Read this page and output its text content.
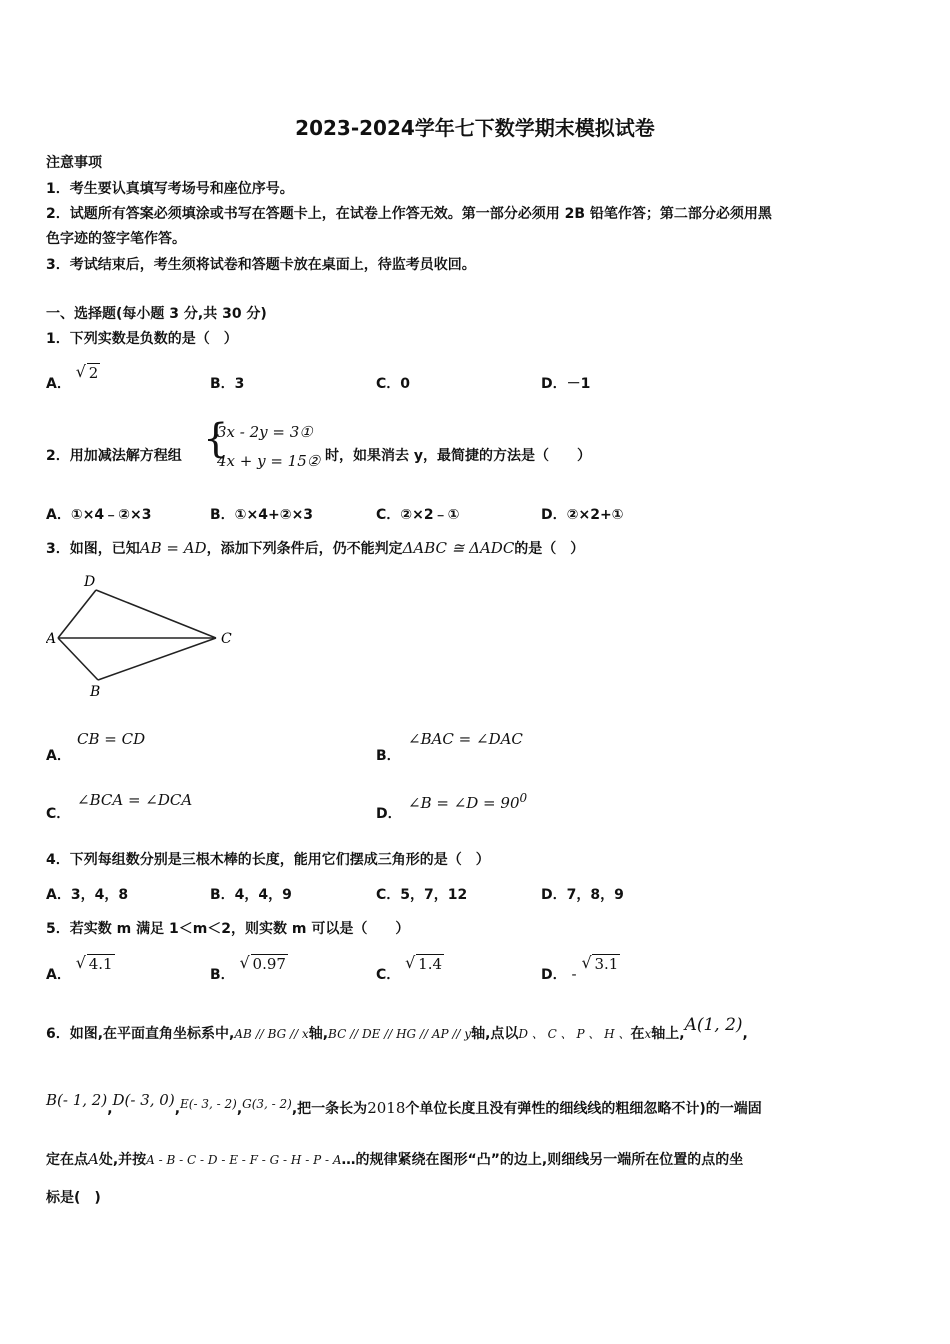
2023-2024学年七下数学期末模拟试卷
注意事项
1．考生要认真填写考场号和座位序号。
2．试题所有答案必须填涂或书写在答题卡上，在试卷上作答无效。第一部分必须用 2B 铅笔作答；第二部分必须用黑
色字迹的签字笔作答。
3．考试结束后，考生须将试卷和答题卡放在桌面上，待监考员收回。
一、选择题(每小题 3 分,共 30 分)
1．下列实数是负数的是（　）
A．
√ 2
B．3	C．0	D．－1
2．用加减法解方程组 {
3x - 2y = 3①
4x + y = 15② 时，如果消去 y，最简捷的方法是（　　）
A．①×4﹣②×3	B．①×4+②×3	C．②×2﹣①	D．②×2+①
3．如图，已知AB = AD，添加下列条件后，仍不能判定ΔABC ≅ ΔADC的是（　）
D
A	C
B
A．
CB = CD
B．
∠BAC = ∠DAC
C．
∠BCA = ∠DCA
D．
∠B = ∠D = $90^0$
4．下列每组数分别是三根木棒的长度，能用它们摆成三角形的是（　）
A．3，4，8	B．4，4，9	C．5，7，12	D．7，8，9
5．若实数 m 满足 1＜m＜2，则实数 m 可以是（　　）
A．
√ 4.1
B．
√ 0.97
C．
√ 1.4
D． -
√ 3.1
6．如图,在平面直角坐标系中,AB // BG // x轴,BC // DE // HG // AP // y轴,点以D 、 C 、 P 、 H 、在x轴上,A(1, 2),
B(- 1, 2),D(- 3, 0),E(- 3, - 2),G(3, - 2),把一条长为2018个单位长度且没有弹性的细线线的粗细忽略不计)的一端固
定在点A处,并按A - B - C - D - E - F - G - H - P - A…的规律紧绕在图形“凸”的边上,则细线另一端所在位置的点的坐
标是(　)
